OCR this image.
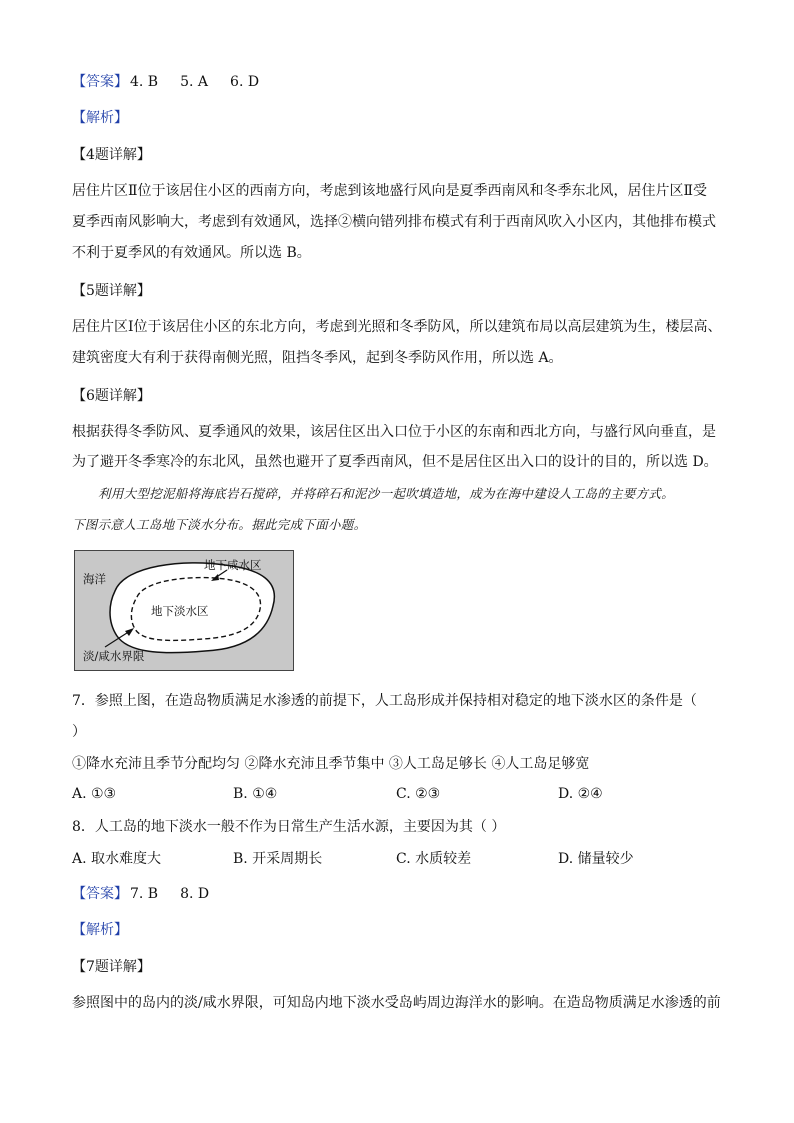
【答案】 4. B 5. A 6. D
【解析】
【4题详解】
居住片区Ⅱ位于该居住小区的西南方向，考虑到该地盛行风向是夏季西南风和冬季东北风，居住片区Ⅱ受
夏季西南风影响大，考虑到有效通风，选择②横向错列排布模式有利于西南风吹入小区内，其他排布模式
不利于夏季风的有效通风。所以选 B。
【5题详解】
居住片区Ⅰ位于该居住小区的东北方向，考虑到光照和冬季防风，所以建筑布局以高层建筑为生，楼层高、
建筑密度大有利于获得南侧光照，阻挡冬季风，起到冬季防风作用，所以选 A。
【6题详解】
根据获得冬季防风、夏季通风的效果，该居住区出入口位于小区的东南和西北方向，与盛行风向垂直，是
为了避开冬季寒冷的东北风，虽然也避开了夏季西南风，但不是居住区出入口的设计的目的，所以选 D。
利用大型挖泥船将海底岩石搅碎，并将碎石和泥沙一起吹填造地，成为在海中建设人工岛的主要方式。
下图示意人工岛地下淡水分布。据此完成下面小题。
海洋
地下咸水区
地下淡水区
淡/咸水界限
7．参照上图，在造岛物质满足水渗透的前提下，人工岛形成并保持相对稳定的地下淡水区的条件是（
）
①降水充沛且季节分配均匀 ②降水充沛且季节集中 ③人工岛足够长 ④人工岛足够宽
A. ①③	B. ①④	C. ②③	D. ②④
8．人工岛的地下淡水一般不作为日常生产生活水源，主要因为其（ ）
A. 取水难度大	B. 开采周期长	C. 水质较差	D. 储量较少
【答案】 7. B 8. D
【解析】
【7题详解】
参照图中的岛内的淡/咸水界限，可知岛内地下淡水受岛屿周边海洋水的影响。在造岛物质满足水渗透的前
